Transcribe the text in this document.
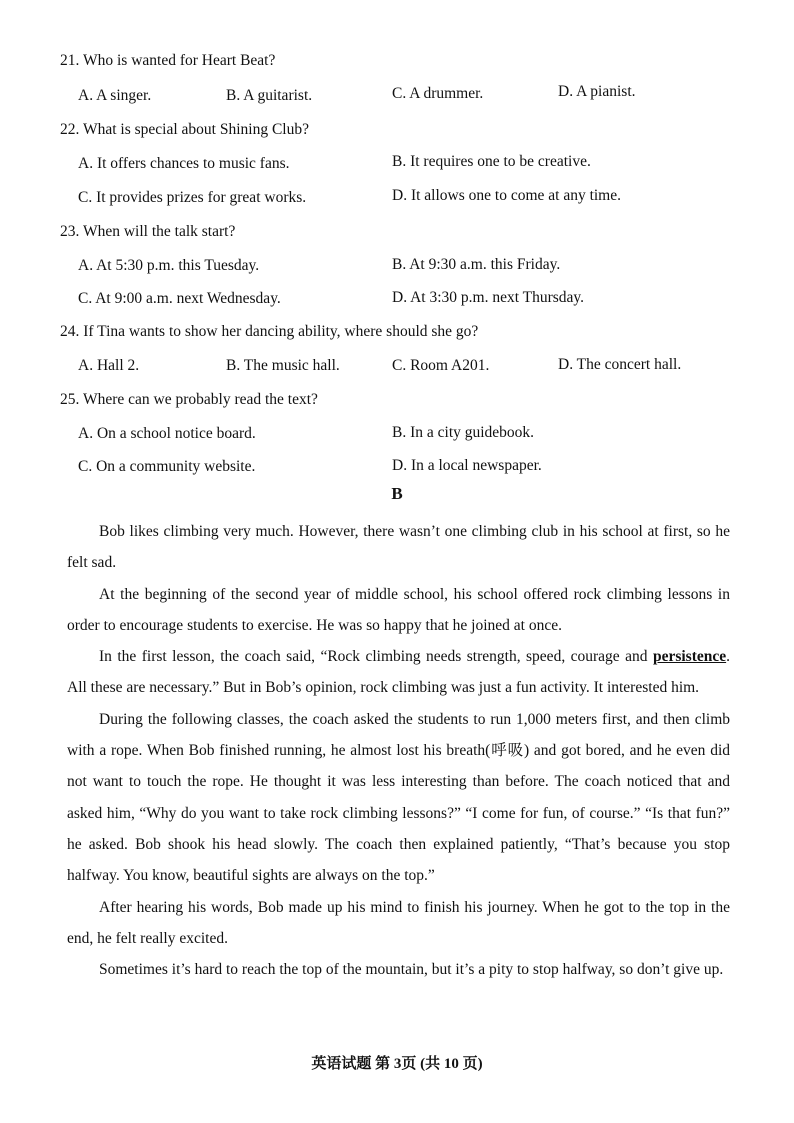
21. Who is wanted for Heart Beat?
A. A singer.	B. A guitarist.	C. A drummer.	D. A pianist.
22. What is special about Shining Club?
A. It offers chances to music fans.	B. It requires one to be creative.
C. It provides prizes for great works.	D. It allows one to come at any time.
23. When will the talk start?
A. At 5:30 p.m. this Tuesday.	B. At 9:30 a.m. this Friday.
C. At 9:00 a.m. next Wednesday.	D. At 3:30 p.m. next Thursday.
24. If Tina wants to show her dancing ability, where should she go?
A. Hall 2.	B. The music hall.	C. Room A201.	D. The concert hall.
25. Where can we probably read the text?
A. On a school notice board.	B. In a city guidebook.
C. On a community website.	D. In a local newspaper.
B

Bob likes climbing very much. However, there wasn’t one climbing club in his school at first, so he felt sad.

At the beginning of the second year of middle school, his school offered rock climbing lessons in order to encourage students to exercise. He was so happy that he joined at once.

In the first lesson, the coach said, “Rock climbing needs strength, speed, courage and persistence. All these are necessary.” But in Bob’s opinion, rock climbing was just a fun activity. It interested him.

During the following classes, the coach asked the students to run 1,000 meters first, and then climb with a rope. When Bob finished running, he almost lost his breath(呼吸) and got bored, and he even did not want to touch the rope. He thought it was less interesting than before. The coach noticed that and asked him, “Why do you want to take rock climbing lessons?” “I come for fun, of course.” “Is that fun?” he asked. Bob shook his head slowly. The coach then explained patiently, “That’s because you stop halfway. You know, beautiful sights are always on the top.”

After hearing his words, Bob made up his mind to finish his journey. When he got to the top in the end, he felt really excited.

Sometimes it’s hard to reach the top of the mountain, but it’s a pity to stop halfway, so don’t give up.

英语试题 第 3页 (共 10 页)
